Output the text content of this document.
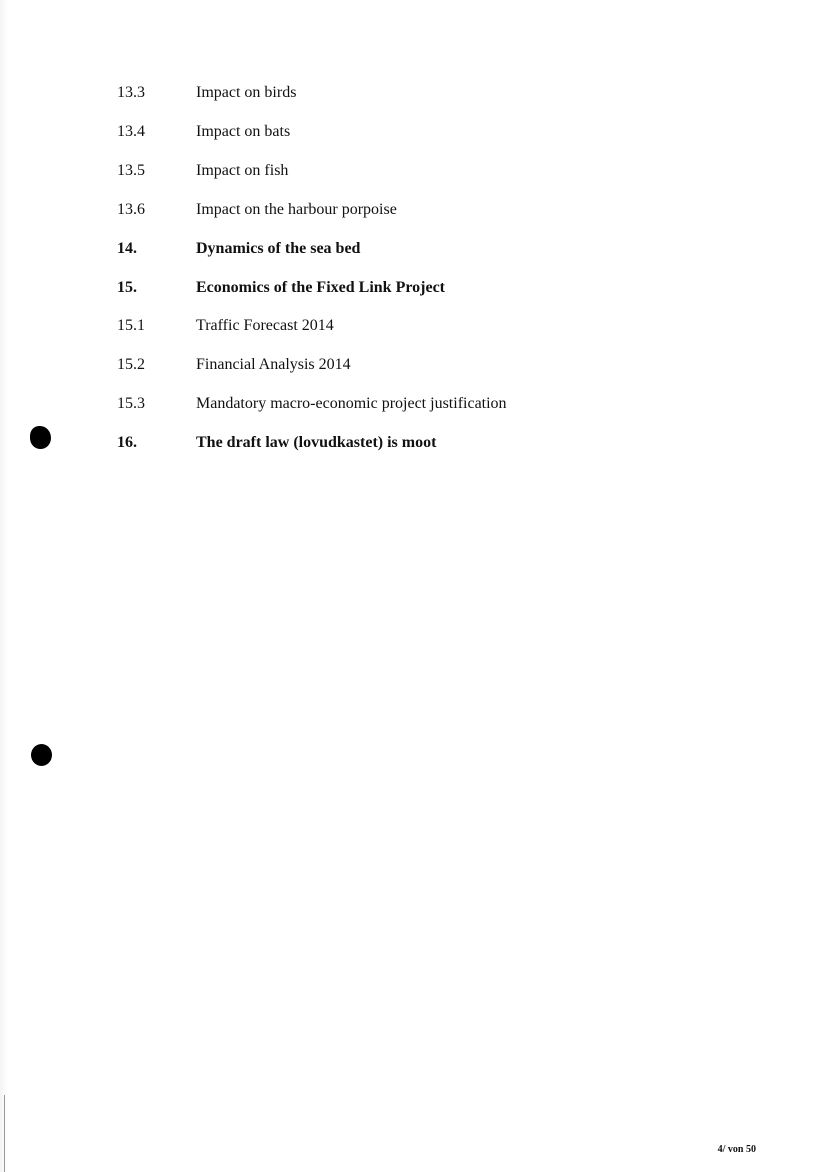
13.3	Impact on birds
13.4	Impact on bats
13.5	Impact on fish
13.6	Impact on the harbour porpoise
14.	Dynamics of the sea bed
15.	Economics of the Fixed Link Project
15.1	Traffic Forecast 2014
15.2	Financial Analysis 2014
15.3	Mandatory macro-economic project justification
16.	The draft law (lovudkastet) is moot
4/ von 50
